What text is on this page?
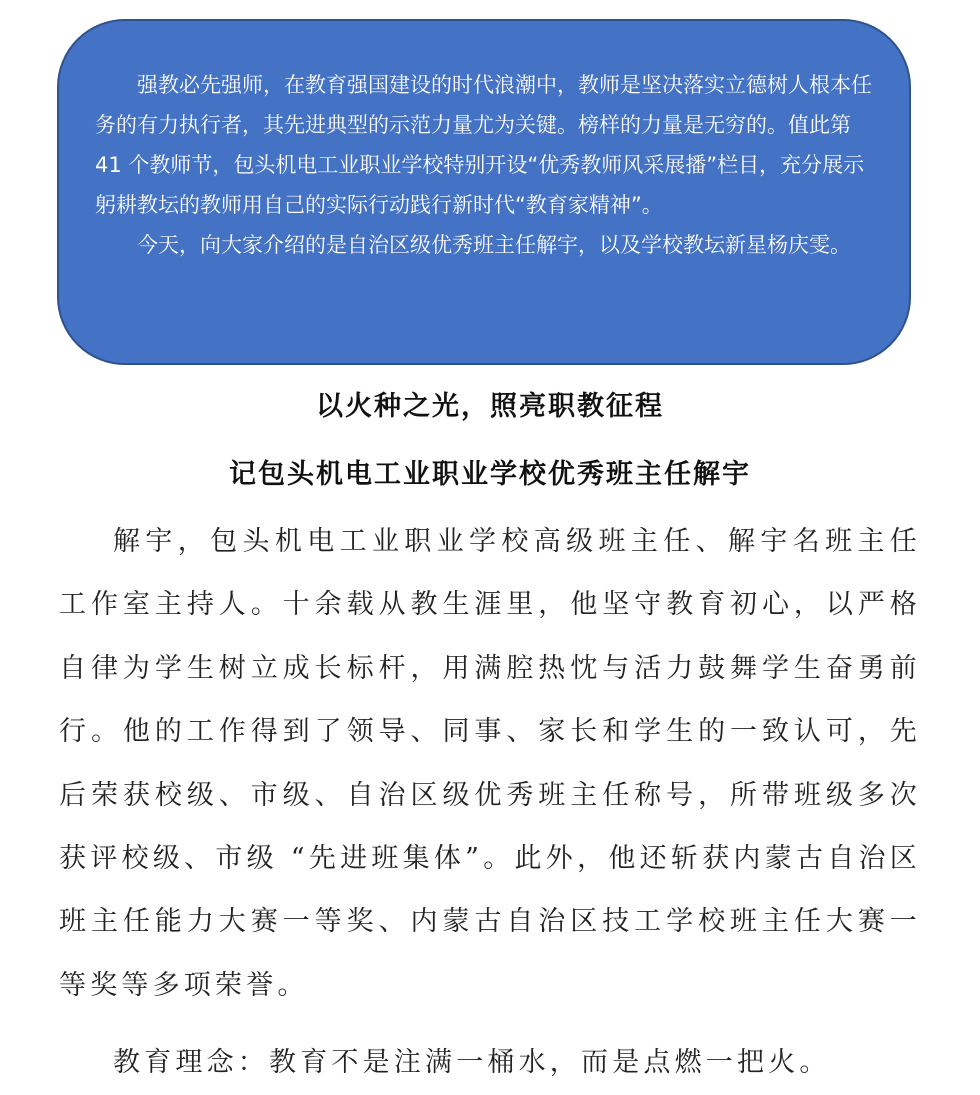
强教必先强师，在教育强国建设的时代浪潮中，教师是坚决落实立德树人根本任务的有力执行者，其先进典型的示范力量尤为关键。榜样的力量是无穷的。值此第 41 个教师节，包头机电工业职业学校特别开设“优秀教师风采展播”栏目，充分展示躬耕教坛的教师用自己的实际行动践行新时代“教育家精神”。

今天，向大家介绍的是自治区级优秀班主任解宇，以及学校教坛新星杨庆雯。

以火种之光，照亮职教征程
记包头机电工业职业学校优秀班主任解宇

解宇，包头机电工业职业学校高级班主任、解宇名班主任工作室主持人。十余载从教生涯里，他坚守教育初心，以严格自律为学生树立成长标杆，用满腔热忱与活力鼓舞学生奋勇前行。他的工作得到了领导、同事、家长和学生的一致认可，先后荣获校级、市级、自治区级优秀班主任称号，所带班级多次获评校级、市级 “先进班集体”。此外，他还斩获内蒙古自治区班主任能力大赛一等奖、内蒙古自治区技工学校班主任大赛一等奖等多项荣誉。

教育理念：教育不是注满一桶水，而是点燃一把火。
